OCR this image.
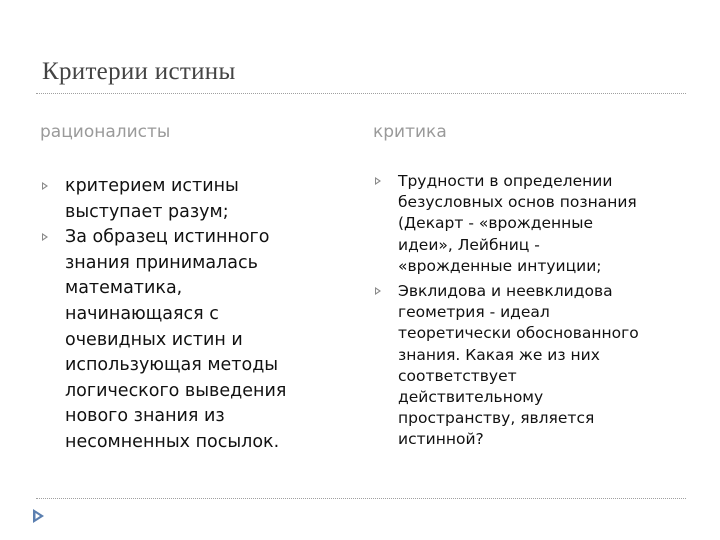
Критерии истины
рационалисты	критика
критерием истины
выступает разум;
За образец истинного
знания принималась
математика,
начинающаяся с
очевидных истин и
использующая методы
логического выведения
нового знания из
несомненных посылок.
Трудности в определении
безусловных основ познания
(Декарт - «врожденные
идеи», Лейбниц -
«врожденные интуиции;
Эвклидова и неевклидова
геометрия - идеал
теоретически обоснованного
знания. Какая же из них
соответствует
действительному
пространству, является
истинной?
